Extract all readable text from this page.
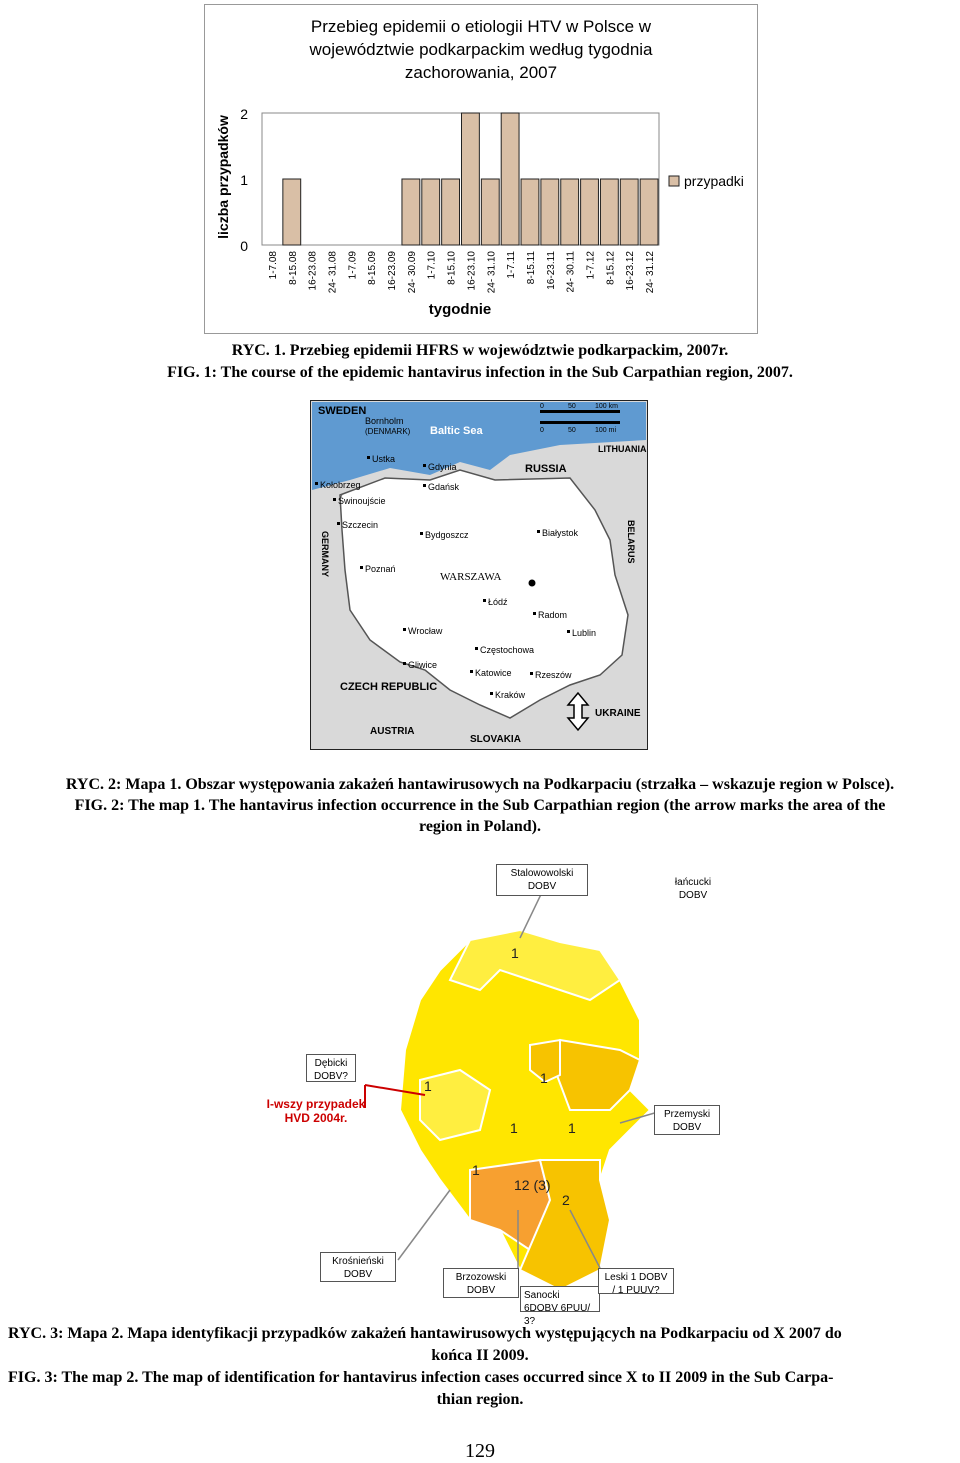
Przebieg epidemii o etiologii HTV w Polsce w
województwie podkarpackim według tygodnia
zachorowania, 2007
0
1
2
liczba przypadków
1-7.08 8-15.08 16-23.08 24- 31.08 1-7.09 8-15.09 16-23.09 24- 30.09 1-7.10 8-15.10 16-23.10 24- 31.10 1-7.11 8-15.11 16-23.11 24- 30.11 1-7.12 8-15.12 16-23.12 24- 31.12
tygodnie
przypadki
RYC. 1. Przebieg epidemii HFRS w województwie podkarpackim, 2007r.
FIG. 1: The course of the epidemic hantavirus infection in the Sub Carpathian region, 2007.
SWEDEN
RUSSIA
LITHUANIA
GERMANY	BELARUS
CZECH REPUBLIC
SLOVAKIA
UKRAINE
AUSTRIA
Baltic Sea
Bornholm
(DENMARK)
0	50	100 km
0	50	100 mi
Ustka
Gdynia
Gdańsk
Kołobrzeg
Świnoujście
Szczecin
Bydgoszcz	Białystok
Poznań
Łódź
Radom
Lublin
Wrocław
Częstochowa
Gliwice
Katowice	Rzeszów
Kraków
WARSZAWA
RYC. 2: Mapa 1. Obszar występowania zakażeń hantawirusowych na Podkarpaciu (strzałka – wskazuje region w Polsce).
FIG. 2: The map 1. The hantavirus infection occurrence in the Sub Carpathian region (the arrow marks the area of the
region in Poland).
Stalowowolski DOBV	łańcucki DOBV
Dębicki DOBV?
I-wszy przypadek HVD 2004r.	Przemyski DOBV
Krośnieński DOBV	Brzozowski DOBV	Sanocki 6DOBV 6PUU/ 3?
Leski 1 DOBV / 1 PUUV?
1
1	1
1	1
1
12 (3)
2
RYC. 3: Mapa 2. Mapa identyfikacji przypadków zakażeń hantawirusowych występujących na Podkarpaciu od X 2007 do
końca II 2009.
FIG. 3: The map 2. The map of identification for hantavirus infection cases occurred since X to II 2009 in the Sub Carpa-
thian region.
129
